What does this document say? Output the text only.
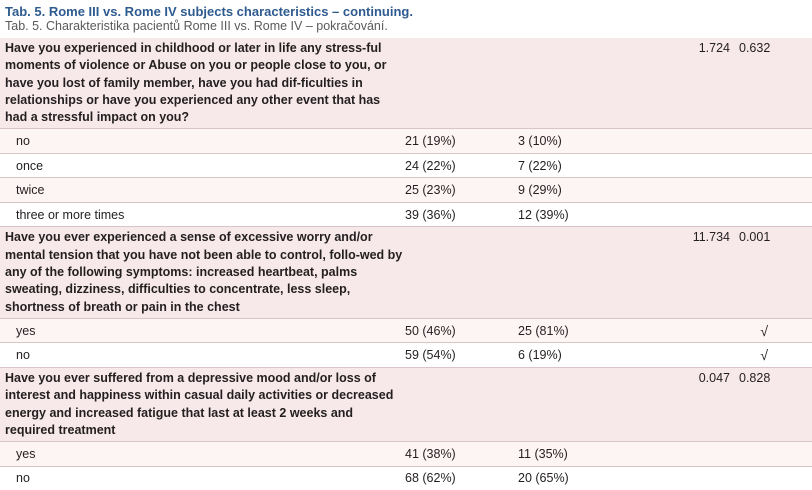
Tab. 5. Rome III vs. Rome IV subjects characteristics – continuing.
Tab. 5. Charakteristika pacientů Rome III vs. Rome IV – pokračování.
Have you experienced in childhood or later in life any stress-ful moments of violence or Abuse on you or people close to you, or have you lost of family member, have you had dif-ficulties in relationships or have you experienced any other event that has had a stressful impact on you?			1.724	0.632
no	21 (19%)	3 (10%)		
once	24 (22%)	7 (22%)		
twice	25 (23%)	9 (29%)		
three or more times	39 (36%)	12 (39%)		
Have you ever experienced a sense of excessive worry and/or mental tension that you have not been able to control, follo-wed by any of the following symptoms: increased heartbeat, palms sweating, dizziness, difficulties to concentrate, less sleep, shortness of breath or pain in the chest			11.734	0.001
yes	50 (46%)	25 (81%)		√
no	59 (54%)	6 (19%)		√
Have you ever suffered from a depressive mood and/or loss of interest and happiness within casual daily activities or decreased energy and increased fatigue that last at least 2 weeks and required treatment			0.047	0.828
yes	41 (38%)	11 (35%)		
no	68 (62%)	20 (65%)		
